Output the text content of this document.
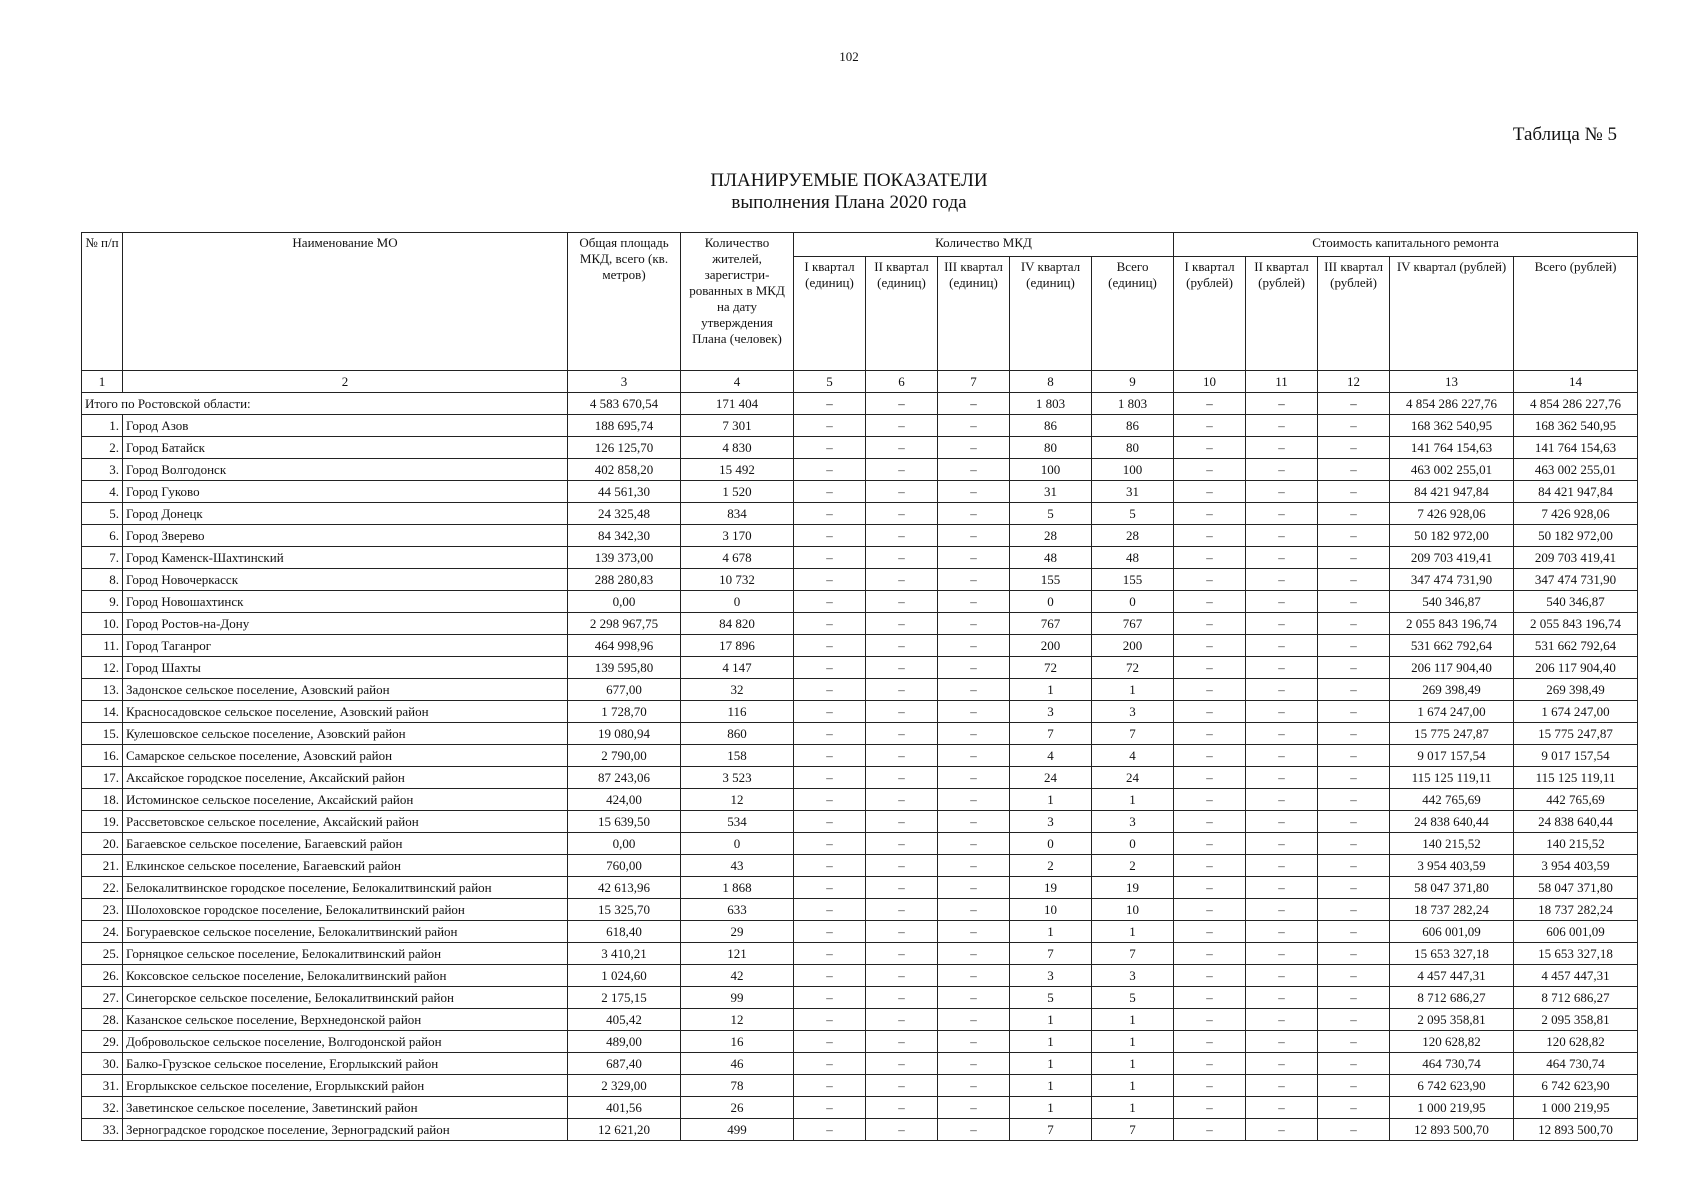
102
Таблица № 5
ПЛАНИРУЕМЫЕ ПОКАЗАТЕЛИ
выполнения Плана 2020 года
№ п/п	Наименование МО	Общая площадь МКД, всего (кв. метров)	Количество жителей, зарегистри-рованных в МКД на дату утверждения Плана (человек)	Количество МКД					Стоимость капитального ремонта				
				I квартал (единиц)	II квартал (единиц)	III квартал (единиц)	IV квартал (единиц)	Всего (единиц)	I квартал (рублей)	II квартал (рублей)	III квартал (рублей)	IV квартал (рублей)	Всего (рублей)
1	2	3	4	5	6	7	8	9	10	11	12	13	14
Итого по Ростовской области:		4 583 670,54	171 404	–	–	–	1 803	1 803	–	–	–	4 854 286 227,76	4 854 286 227,76
1.	Город Азов	188 695,74	7 301	–	–	–	86	86	–	–	–	168 362 540,95	168 362 540,95
2.	Город Батайск	126 125,70	4 830	–	–	–	80	80	–	–	–	141 764 154,63	141 764 154,63
3.	Город Волгодонск	402 858,20	15 492	–	–	–	100	100	–	–	–	463 002 255,01	463 002 255,01
4.	Город Гуково	44 561,30	1 520	–	–	–	31	31	–	–	–	84 421 947,84	84 421 947,84
5.	Город Донецк	24 325,48	834	–	–	–	5	5	–	–	–	7 426 928,06	7 426 928,06
6.	Город Зверево	84 342,30	3 170	–	–	–	28	28	–	–	–	50 182 972,00	50 182 972,00
7.	Город Каменск-Шахтинский	139 373,00	4 678	–	–	–	48	48	–	–	–	209 703 419,41	209 703 419,41
8.	Город Новочеркасск	288 280,83	10 732	–	–	–	155	155	–	–	–	347 474 731,90	347 474 731,90
9.	Город Новошахтинск	0,00	0	–	–	–	0	0	–	–	–	540 346,87	540 346,87
10.	Город Ростов-на-Дону	2 298 967,75	84 820	–	–	–	767	767	–	–	–	2 055 843 196,74	2 055 843 196,74
11.	Город Таганрог	464 998,96	17 896	–	–	–	200	200	–	–	–	531 662 792,64	531 662 792,64
12.	Город Шахты	139 595,80	4 147	–	–	–	72	72	–	–	–	206 117 904,40	206 117 904,40
13.	Задонское сельское поселение, Азовский район	677,00	32	–	–	–	1	1	–	–	–	269 398,49	269 398,49
14.	Красносадовское сельское поселение, Азовский район	1 728,70	116	–	–	–	3	3	–	–	–	1 674 247,00	1 674 247,00
15.	Кулешовское сельское поселение, Азовский район	19 080,94	860	–	–	–	7	7	–	–	–	15 775 247,87	15 775 247,87
16.	Самарское сельское поселение, Азовский район	2 790,00	158	–	–	–	4	4	–	–	–	9 017 157,54	9 017 157,54
17.	Аксайское городское поселение, Аксайский район	87 243,06	3 523	–	–	–	24	24	–	–	–	115 125 119,11	115 125 119,11
18.	Истоминское сельское поселение, Аксайский район	424,00	12	–	–	–	1	1	–	–	–	442 765,69	442 765,69
19.	Рассветовское сельское поселение, Аксайский район	15 639,50	534	–	–	–	3	3	–	–	–	24 838 640,44	24 838 640,44
20.	Багаевское сельское поселение, Багаевский район	0,00	0	–	–	–	0	0	–	–	–	140 215,52	140 215,52
21.	Елкинское сельское поселение, Багаевский район	760,00	43	–	–	–	2	2	–	–	–	3 954 403,59	3 954 403,59
22.	Белокалитвинское городское поселение, Белокалитвинский район	42 613,96	1 868	–	–	–	19	19	–	–	–	58 047 371,80	58 047 371,80
23.	Шолоховское городское поселение, Белокалитвинский район	15 325,70	633	–	–	–	10	10	–	–	–	18 737 282,24	18 737 282,24
24.	Богураевское сельское поселение, Белокалитвинский район	618,40	29	–	–	–	1	1	–	–	–	606 001,09	606 001,09
25.	Горняцкое сельское поселение, Белокалитвинский район	3 410,21	121	–	–	–	7	7	–	–	–	15 653 327,18	15 653 327,18
26.	Коксовское сельское поселение, Белокалитвинский район	1 024,60	42	–	–	–	3	3	–	–	–	4 457 447,31	4 457 447,31
27.	Синегорское сельское поселение, Белокалитвинский район	2 175,15	99	–	–	–	5	5	–	–	–	8 712 686,27	8 712 686,27
28.	Казанское сельское поселение, Верхнедонской район	405,42	12	–	–	–	1	1	–	–	–	2 095 358,81	2 095 358,81
29.	Добровольское сельское поселение, Волгодонской район	489,00	16	–	–	–	1	1	–	–	–	120 628,82	120 628,82
30.	Балко-Грузское сельское поселение, Егорлыкский район	687,40	46	–	–	–	1	1	–	–	–	464 730,74	464 730,74
31.	Егорлыкское сельское поселение, Егорлыкский район	2 329,00	78	–	–	–	1	1	–	–	–	6 742 623,90	6 742 623,90
32.	Заветинское сельское поселение, Заветинский район	401,56	26	–	–	–	1	1	–	–	–	1 000 219,95	1 000 219,95
33.	Зерноградское городское поселение, Зерноградский район	12 621,20	499	–	–	–	7	7	–	–	–	12 893 500,70	12 893 500,70
